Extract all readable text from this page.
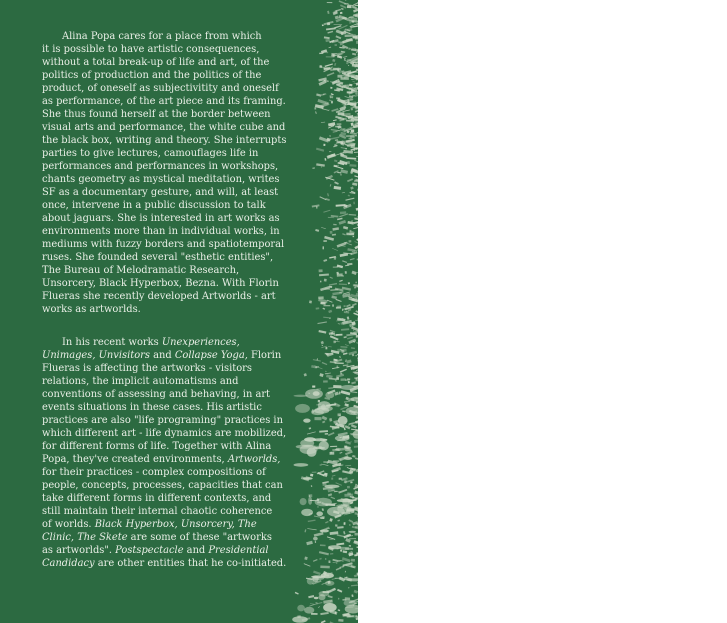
Alina Popa cares for a place from which
it is possible to have artistic consequences,
without a total break-up of life and art, of the
politics of production and the politics of the
product, of oneself as subjectivitity and oneself
as performance, of the art piece and its framing.
She thus found herself at the border between
visual arts and performance, the white cube and
the black box, writing and theory. She interrupts
parties to give lectures, camouflages life in
performances and performances in workshops,
chants geometry as mystical meditation, writes
SF as a documentary gesture, and will, at least
once, intervene in a public discussion to talk
about jaguars. She is interested in art works as
environments more than in individual works, in
mediums with fuzzy borders and spatiotemporal
ruses. She founded several "esthetic entities",
The Bureau of Melodramatic Research,
Unsorcery, Black Hyperbox, Bezna. With Florin
Flueras she recently developed Artworlds - art
works as artworlds.

In his recent works Unexperiences,
Unimages, Unvisitors and Collapse Yoga, Florin
Flueras is affecting the artworks - visitors
relations, the implicit automatisms and
conventions of assessing and behaving, in art
events situations in these cases. His artistic
practices are also "life programing" practices in
which different art - life dynamics are mobilized,
for different forms of life. Together with Alina
Popa, they've created environments, Artworlds,
for their practices - complex compositions of
people, concepts, processes, capacities that can
take different forms in different contexts, and
still maintain their internal chaotic coherence
of worlds. Black Hyperbox, Unsorcery, The
Clinic, The Skete are some of these "artworks
as artworlds". Postspectacle and Presidential
Candidacy are other entities that he co-initiated.
